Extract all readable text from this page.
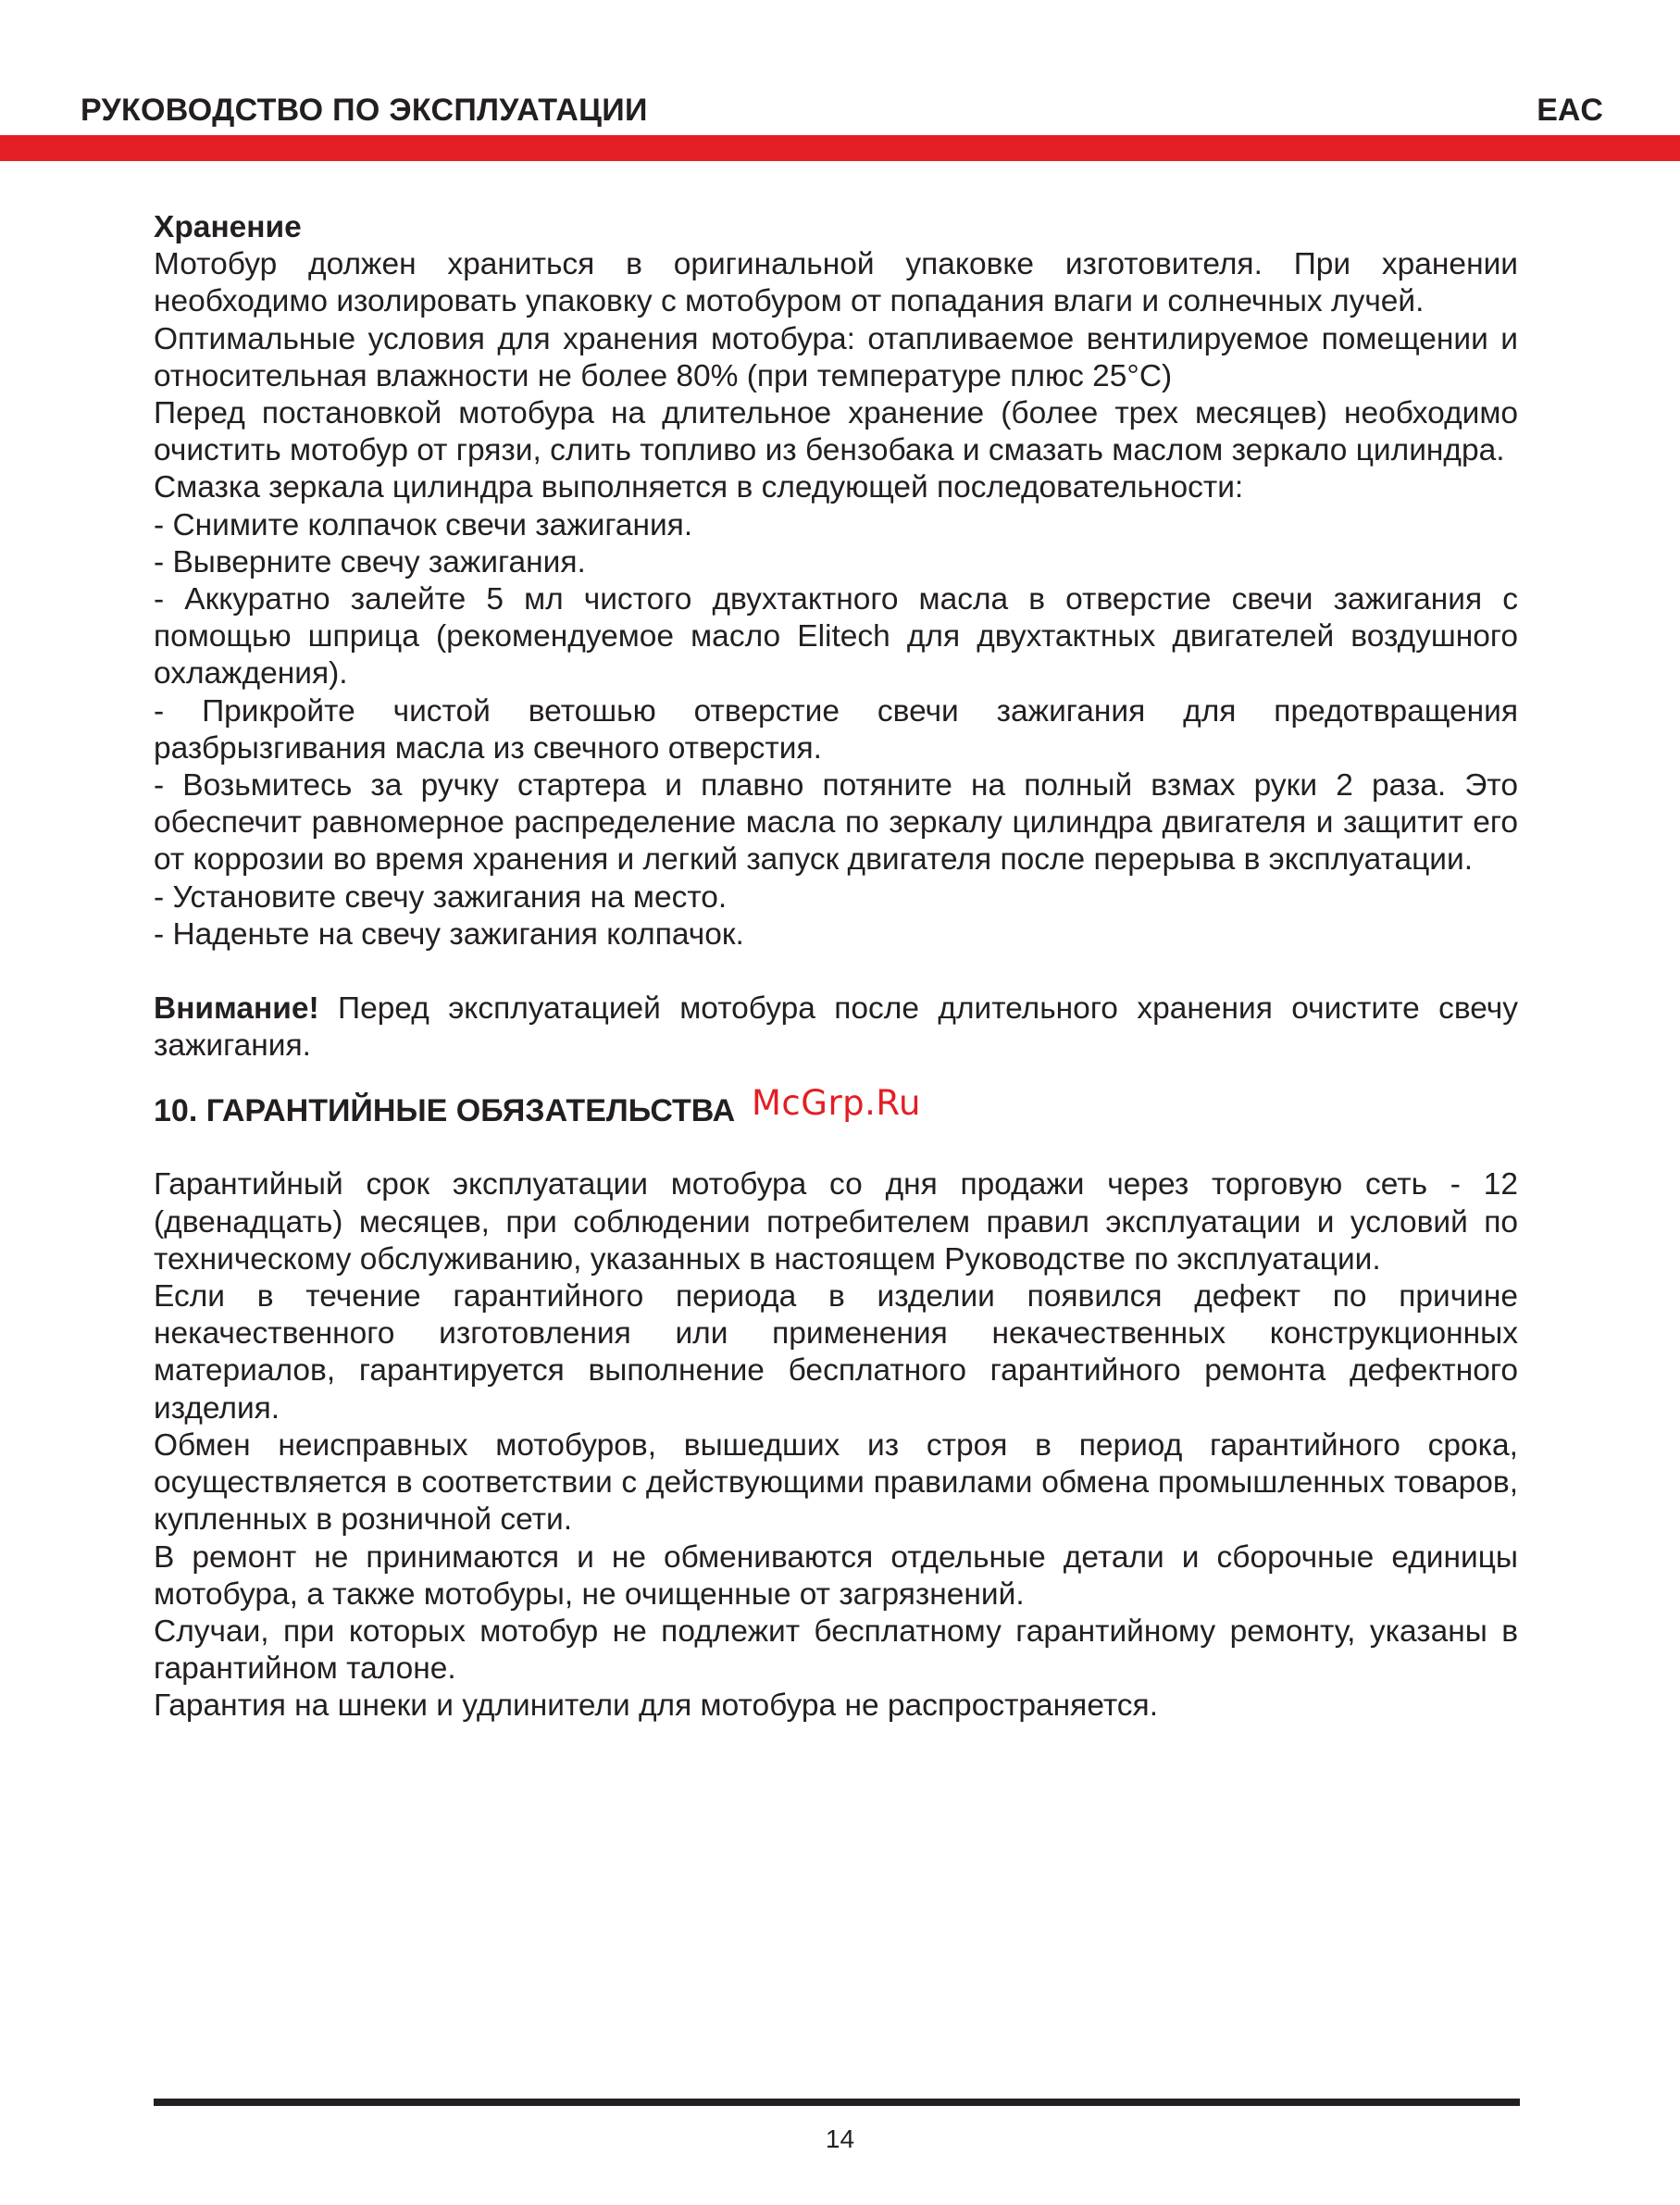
РУКОВОДСТВО ПО ЭКСПЛУАТАЦИИ	EAC

Хранение

Мотобур должен храниться в оригинальной упаковке изготовителя. При хранении необходимо изолировать упаковку с мотобуром от попадания влаги и солнечных лучей.

Оптимальные условия для хранения мотобура: отапливаемое вентилируемое помещении и относительная влажности не более 80% (при температуре плюс 25°С)

Перед постановкой мотобура на длительное хранение (более трех месяцев) необходимо очистить мотобур от грязи, слить топливо из бензобака и смазать маслом зеркало цилиндра.

Смазка зеркала цилиндра выполняется в следующей последовательности:

- Снимите колпачок свечи зажигания.

- Выверните свечу зажигания.

- Аккуратно залейте 5 мл чистого двухтактного масла в отверстие свечи зажигания с помощью шприца (рекомендуемое масло Elitech для двухтактных двигателей воздушного охлаждения).

- Прикройте чистой ветошью отверстие свечи зажигания для предотвращения разбрызгивания масла из свечного отверстия.

- Возьмитесь за ручку стартера и плавно потяните на полный взмах руки 2 раза. Это обеспечит равномерное распределение масла по зеркалу цилиндра двигателя и защитит его от коррозии во время хранения и легкий запуск двигателя после перерыва в эксплуатации.

- Установите свечу зажигания на место.

- Наденьте на свечу зажигания колпачок.

Внимание! Перед эксплуатацией мотобура после длительного хранения очистите свечу зажигания.

10. ГАРАНТИЙНЫЕ ОБЯЗАТЕЛЬСТВА

Гарантийный срок эксплуатации мотобура со дня продажи через торговую сеть - 12 (двенадцать) месяцев, при соблюдении потребителем правил эксплуатации и условий по техническому обслуживанию, указанных в настоящем Руководстве по эксплуатации.

Если в течение гарантийного периода в изделии появился дефект по причине некачественного изготовления или применения некачественных конструкционных материалов, гарантируется выполнение бесплатного гарантийного ремонта дефектного изделия.

Обмен неисправных мотобуров, вышедших из строя в период гарантийного срока, осуществляется в соответствии с действующими правилами обмена промышленных товаров, купленных в розничной сети.

В ремонт не принимаются и не обмениваются отдельные детали и сборочные единицы мотобура, а также мотобуры, не очищенные от загрязнений.

Случаи, при которых мотобур не подлежит бесплатному гарантийному ремонту, указаны в гарантийном талоне.

Гарантия на шнеки и удлинители для мотобура не распространяется.

McGrp.Ru
14
